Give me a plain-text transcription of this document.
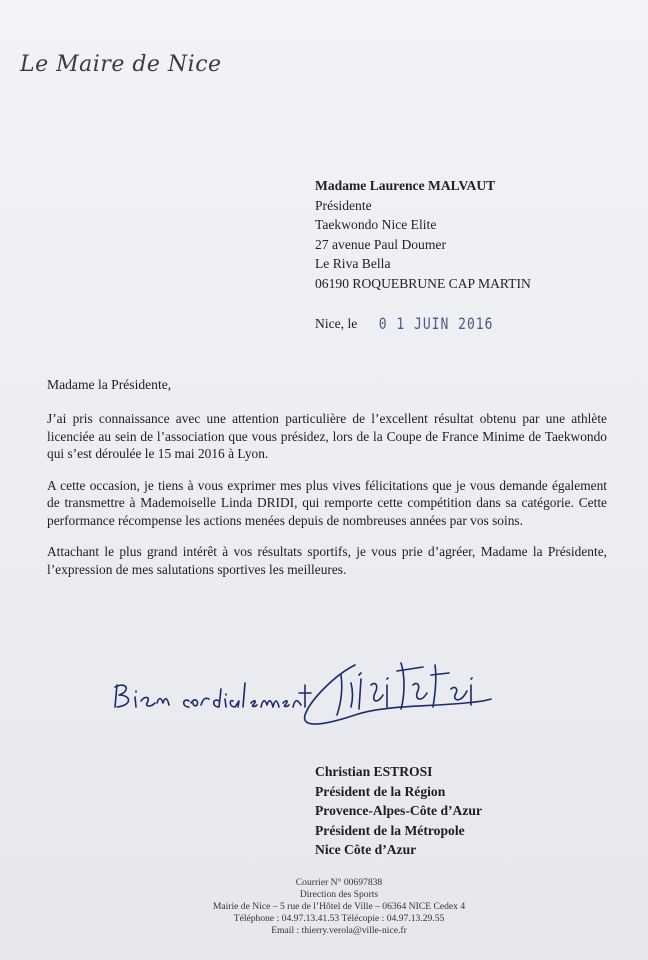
Le Maire de Nice
Madame Laurence MALVAUT
Présidente
Taekwondo Nice Elite
27 avenue Paul Doumer
Le Riva Bella
06190 ROQUEBRUNE CAP MARTIN
Nice, le 0 1 JUIN 2016
Madame la Présidente,

J’ai pris connaissance avec une attention particulière de l’excellent résultat obtenu par une athlète licenciée au sein de l’association que vous présidez, lors de la Coupe de France Minime de Taekwondo qui s’est déroulée le 15 mai 2016 à Lyon.

A cette occasion, je tiens à vous exprimer mes plus vives félicitations que je vous demande également de transmettre à Mademoiselle Linda DRIDI, qui remporte cette compétition dans sa catégorie. Cette performance récompense les actions menées depuis de nombreuses années par vos soins.

Attachant le plus grand intérêt à vos résultats sportifs, je vous prie d’agréer, Madame la Présidente, l’expression de mes salutations sportives les meilleures.

Christian ESTROSI
Président de la Région
Provence-Alpes-Côte d’Azur
Président de la Métropole
Nice Côte d’Azur
Courrier N° 00697838
Direction des Sports
Mairie de Nice – 5 rue de l’Hôtel de Ville – 06364 NICE Cedex 4
Téléphone : 04.97.13.41.53 Télécopie : 04.97.13.29.55
Email : thierry.verola@ville-nice.fr
